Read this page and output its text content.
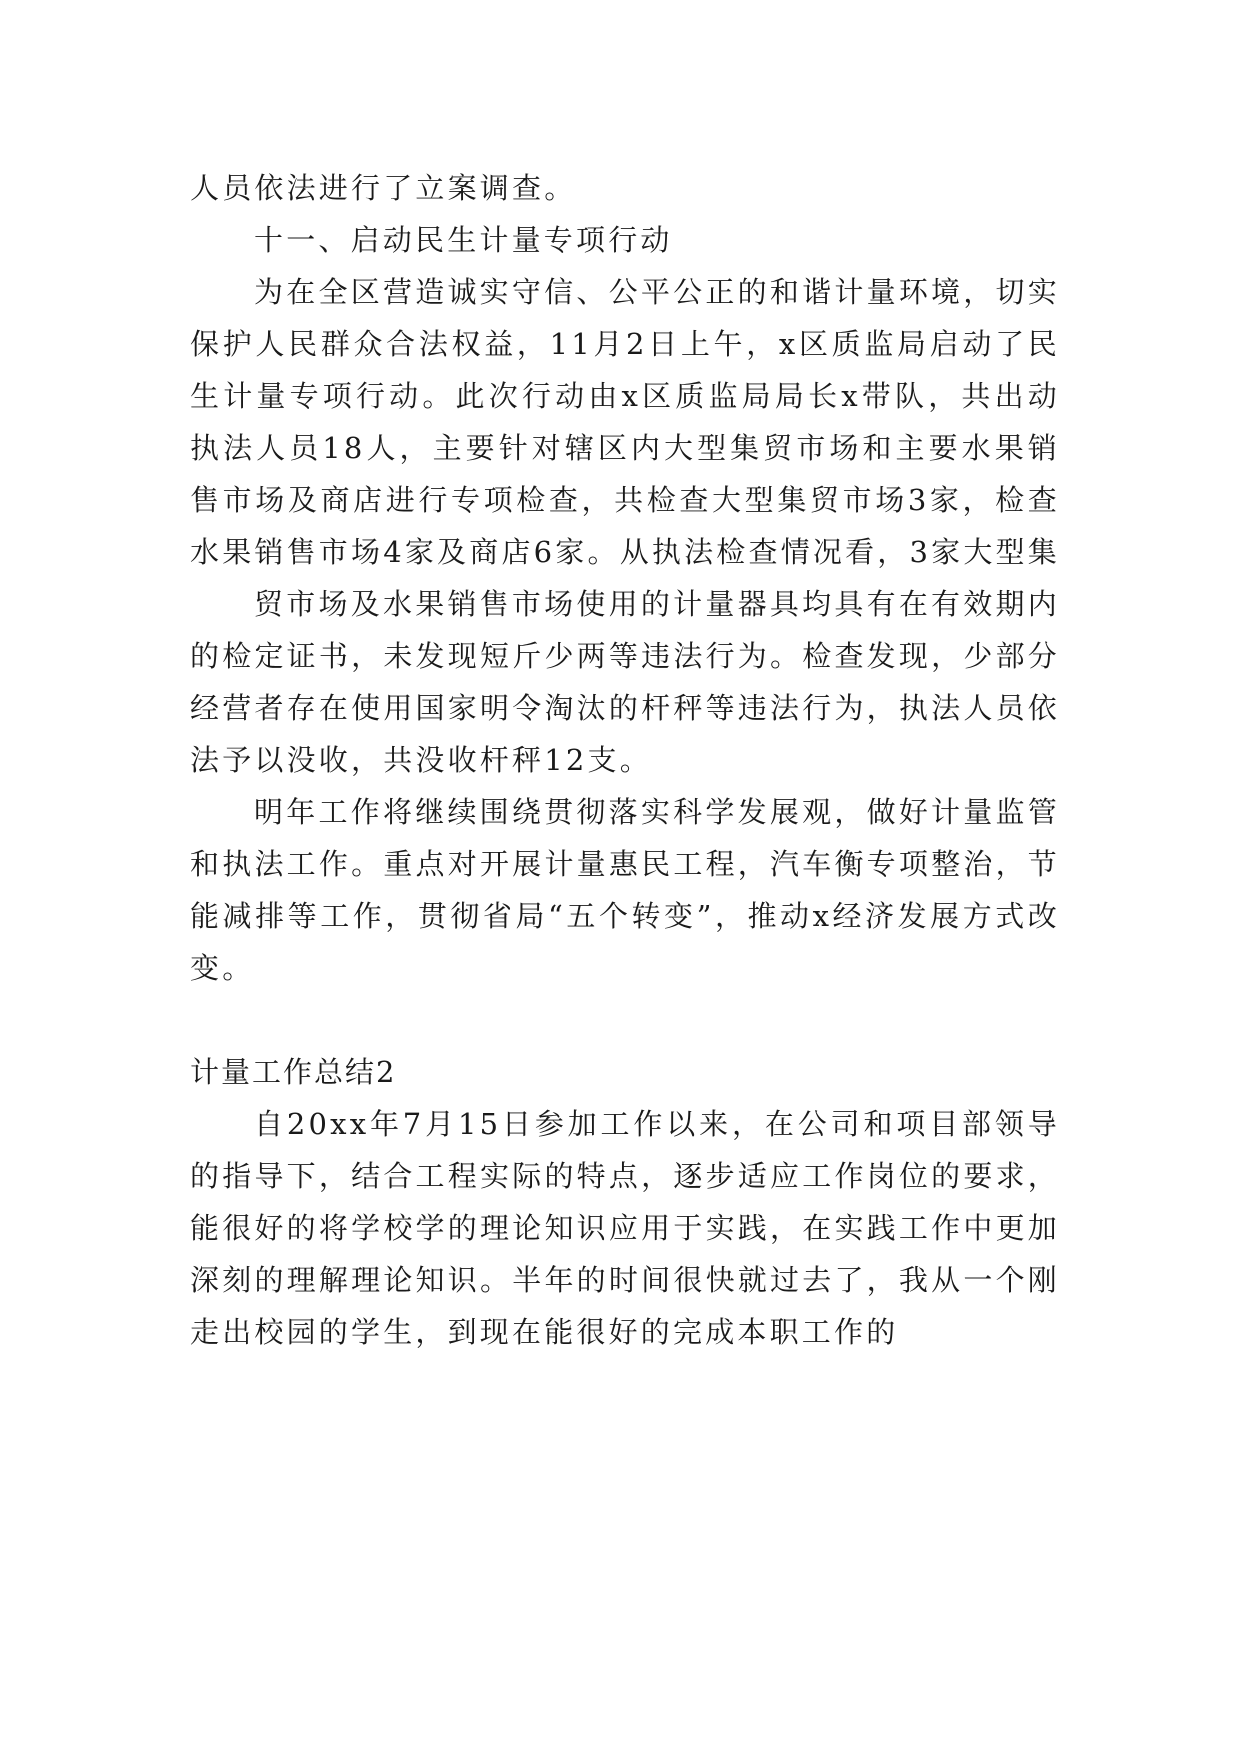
人员依法进行了立案调查。

十一、启动民生计量专项行动

为在全区营造诚实守信、公平公正的和谐计量环境，切实保护人民群众合法权益，11月2日上午，x区质监局启动了民生计量专项行动。此次行动由x区质监局局长x带队，共出动执法人员18人，主要针对辖区内大型集贸市场和主要水果销售市场及商店进行专项检查，共检查大型集贸市场3家，检查水果销售市场4家及商店6家。从执法检查情况看，3家大型集

贸市场及水果销售市场使用的计量器具均具有在有效期内的检定证书，未发现短斤少两等违法行为。检查发现，少部分经营者存在使用国家明令淘汰的杆秤等违法行为，执法人员依法予以没收，共没收杆秤12支。

明年工作将继续围绕贯彻落实科学发展观，做好计量监管和执法工作。重点对开展计量惠民工程，汽车衡专项整治，节能减排等工作，贯彻省局“五个转变”，推动x经济发展方式改变。

计量工作总结2

自20xx年7月15日参加工作以来，在公司和项目部领导的指导下，结合工程实际的特点，逐步适应工作岗位的要求，能很好的将学校学的理论知识应用于实践，在实践工作中更加深刻的理解理论知识。半年的时间很快就过去了，我从一个刚走出校园的学生，到现在能很好的完成本职工作的
